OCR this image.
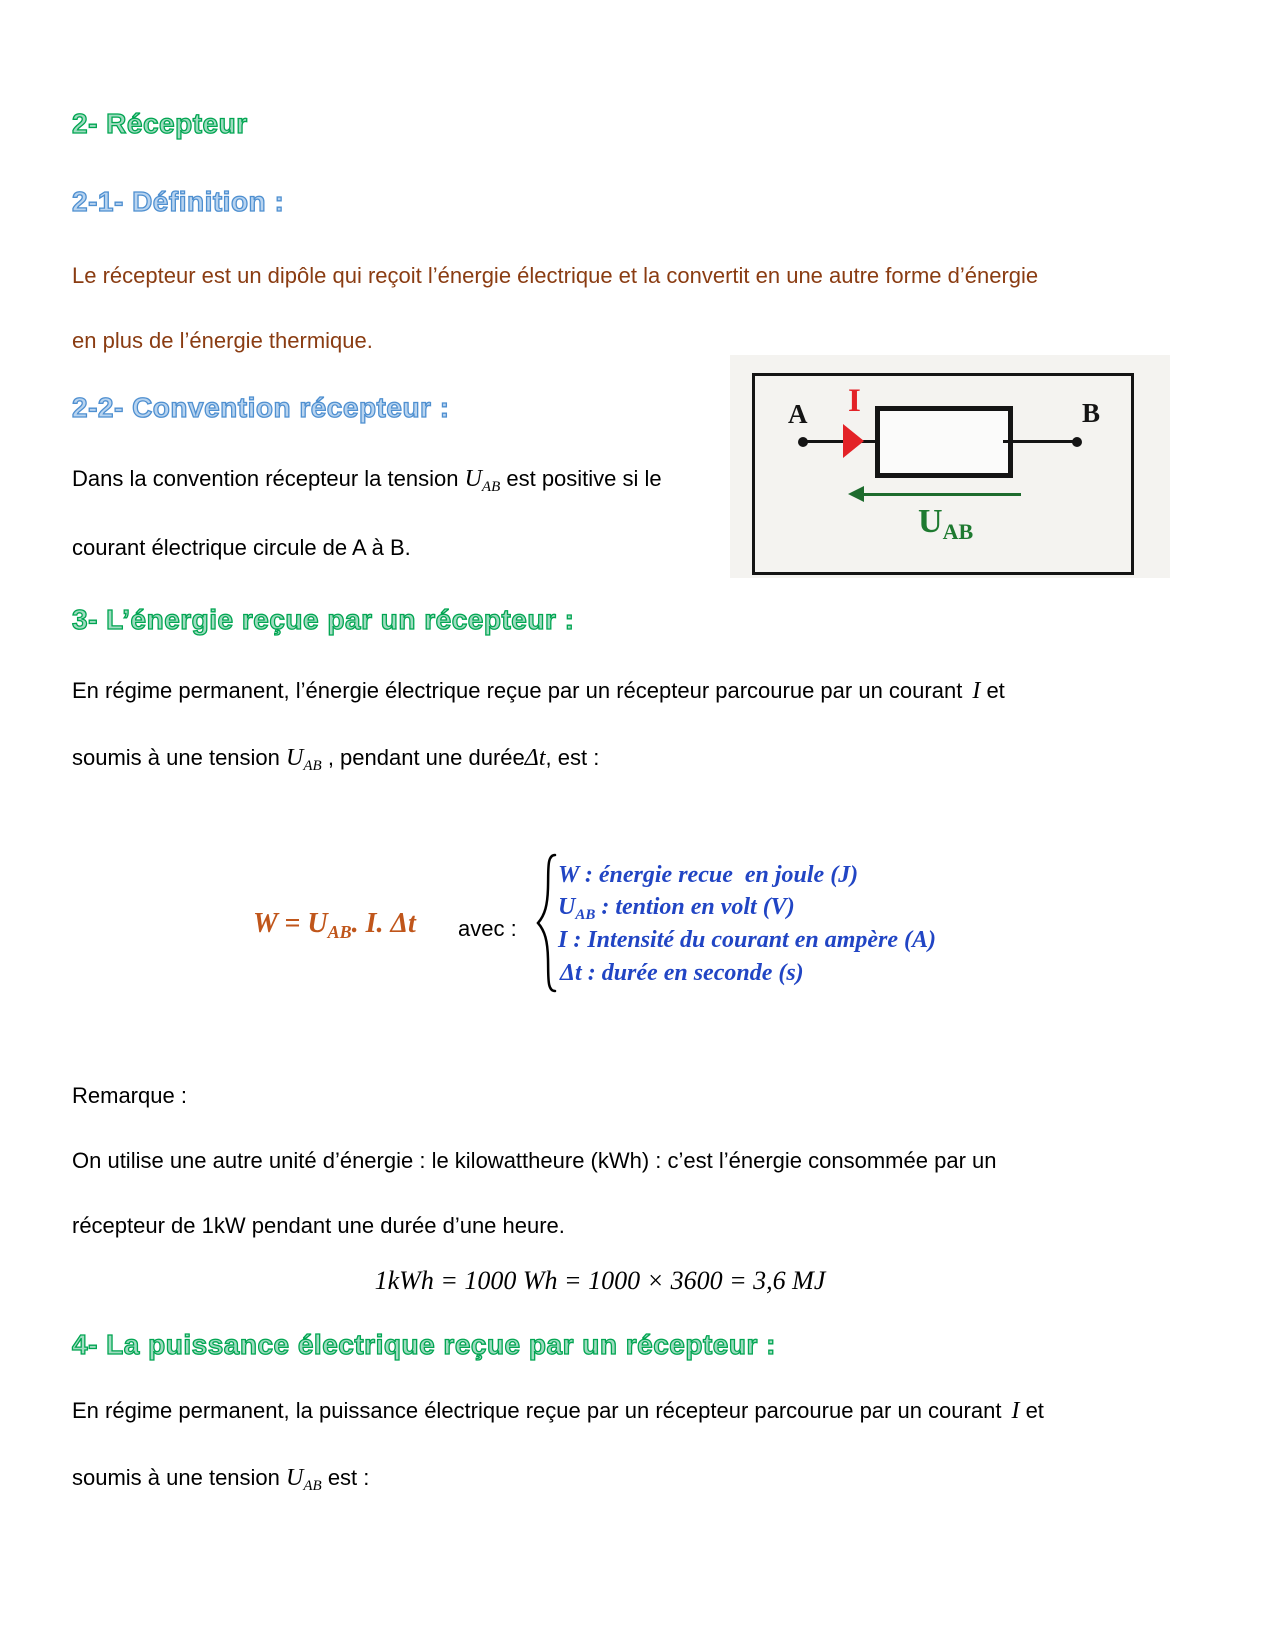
2- Récepteur
2-1- Définition :
Le récepteur est un dipôle qui reçoit l’énergie électrique et la convertit en une autre forme d’énergie
en plus de l’énergie thermique.
2-2- Convention récepteur :
Dans la convention récepteur la tension $U_{AB}$ est positive si le
courant électrique circule de A à B.
A I	B
$U_{AB}$
3- L’énergie reçue par un récepteur :
En régime permanent, l’énergie électrique reçue par un récepteur parcourue par un courant I et
soumis à une tension $U_{AB}$ , pendant une duréeΔt, est :
$W = U_{AB}$. I. Δt avec :
W : énergie recue  en joule (J)
$U_{AB}$ : tention en volt (V)
I : Intensité du courant en ampère (A)
Δt : durée en seconde (s)
Remarque :
On utilise une autre unité d’énergie : le kilowattheure (kWh) : c’est l’énergie consommée par un
récepteur de 1kW pendant une durée d’une heure.
1kWh = 1000 Wh = 1000 × 3600 = 3,6 MJ
4- La puissance électrique reçue par un récepteur :
En régime permanent, la puissance électrique reçue par un récepteur parcourue par un courant I et
soumis à une tension $U_{AB}$ est :
